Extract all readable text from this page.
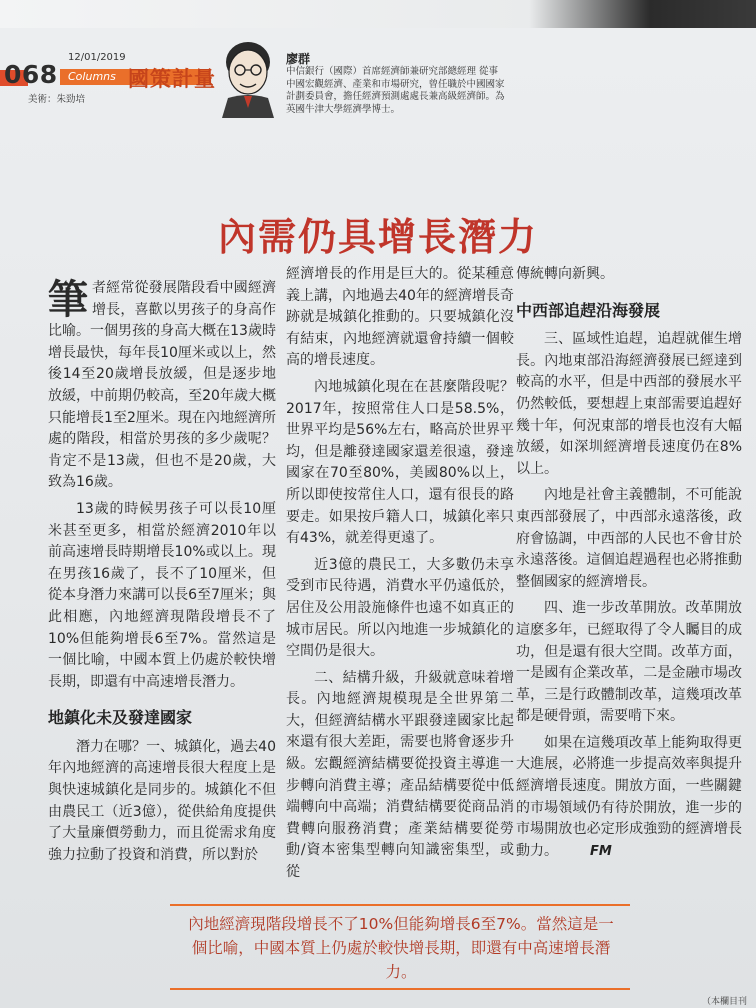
12/01/2019
068 Columns 國策計量
美術：朱勁培
廖群
中信銀行（國際）首席經濟師兼研究部總經理 從事中國宏觀經濟、產業和市場研究，曾任職於中國國家計劃委員會，擔任經濟預測處處長兼高級經濟師。為英國牛津大學經濟學博士。
內需仍具增長潛力

筆 者經常從發展階段看中國經濟增長，喜歡以男孩子的身高作比喻。一個男孩的身高大概在13歲時增長最快，每年長10厘米或以上，然後14至20歲增長放緩，但是逐步地放緩，中前期仍較高，至20年歲大概只能增長1至2厘米。現在內地經濟所處的階段，相當於男孩的多少歲呢？肯定不是13歲，但也不是20歲，大致為16歲。

13歲的時候男孩子可以長10厘米甚至更多，相當於經濟2010年以前高速增長時期增長10%或以上。現在男孩16歲了，長不了10厘米，但從本身潛力來講可以長6至7厘米；與此相應，內地經濟現階段增長不了10%但能夠增長6至7%。當然這是一個比喻，中國本質上仍處於較快增長期，即還有中高速增長潛力。

地鎮化未及發達國家

潛力在哪？一、城鎮化，過去40年內地經濟的高速增長很大程度上是與快速城鎮化是同步的。城鎮化不但由農民工（近3億），從供給角度提供了大量廉價勞動力，而且從需求角度強力拉動了投資和消費，所以對於

經濟增長的作用是巨大的。從某種意義上講，內地過去40年的經濟增長奇跡就是城鎮化推動的。只要城鎮化沒有結束，內地經濟就還會持續一個較高的增長速度。

內地城鎮化現在在甚麼階段呢？2017年，按照常住人口是58.5%，世界平均是56%左右，略高於世界平均，但是離發達國家還差很遠，發達國家在70至80%，美國80%以上，所以即使按常住人口，還有很長的路要走。如果按戶籍人口，城鎮化率只有43%，就差得更遠了。

近3億的農民工，大多數仍未享受到市民待遇，消費水平仍遠低於，居住及公用設施條件也遠不如真正的城市居民。所以內地進一步城鎮化的空間仍是很大。

二、結構升級，升級就意味着增長。內地經濟規模現是全世界第二大，但經濟結構水平跟發達國家比起來還有很大差距，需要也將會逐步升級。宏觀經濟結構要從投資主導進一步轉向消費主導；產品結構要從中低端轉向中高端；消費結構要從商品消費轉向服務消費；產業結構要從勞動/資本密集型轉向知識密集型，或從

傳統轉向新興。

中西部追趕沿海發展

三、區域性追趕，追趕就催生增長。內地東部沿海經濟發展已經達到較高的水平，但是中西部的發展水平仍然較低，要想趕上東部需要追趕好幾十年，何況東部的增長也沒有大幅放緩，如深圳經濟增長速度仍在8%以上。

內地是社會主義體制，不可能說東西部發展了，中西部永遠落後，政府會協調，中西部的人民也不會甘於永遠落後。這個追趕過程也必將推動整個國家的經濟增長。

四、進一步改革開放。改革開放這麽多年，已經取得了令人矚目的成功，但是還有很大空間。改革方面，一是國有企業改革，二是金融市場改革，三是行政體制改革，這幾項改革都是硬骨頭，需要啃下來。

如果在這幾項改革上能夠取得更大進展，必將進一步提高效率與提升經濟增長速度。開放方面，一些關鍵的市場領域仍有待於開放，進一步的市場開放也必定形成強勁的經濟增長動力。 FM

內地經濟現階段增長不了10%但能夠增長6至7%。當然這是一個比喻，中國本質上仍處於較快增長期，即還有中高速增長潛力。
（本欄目刊
